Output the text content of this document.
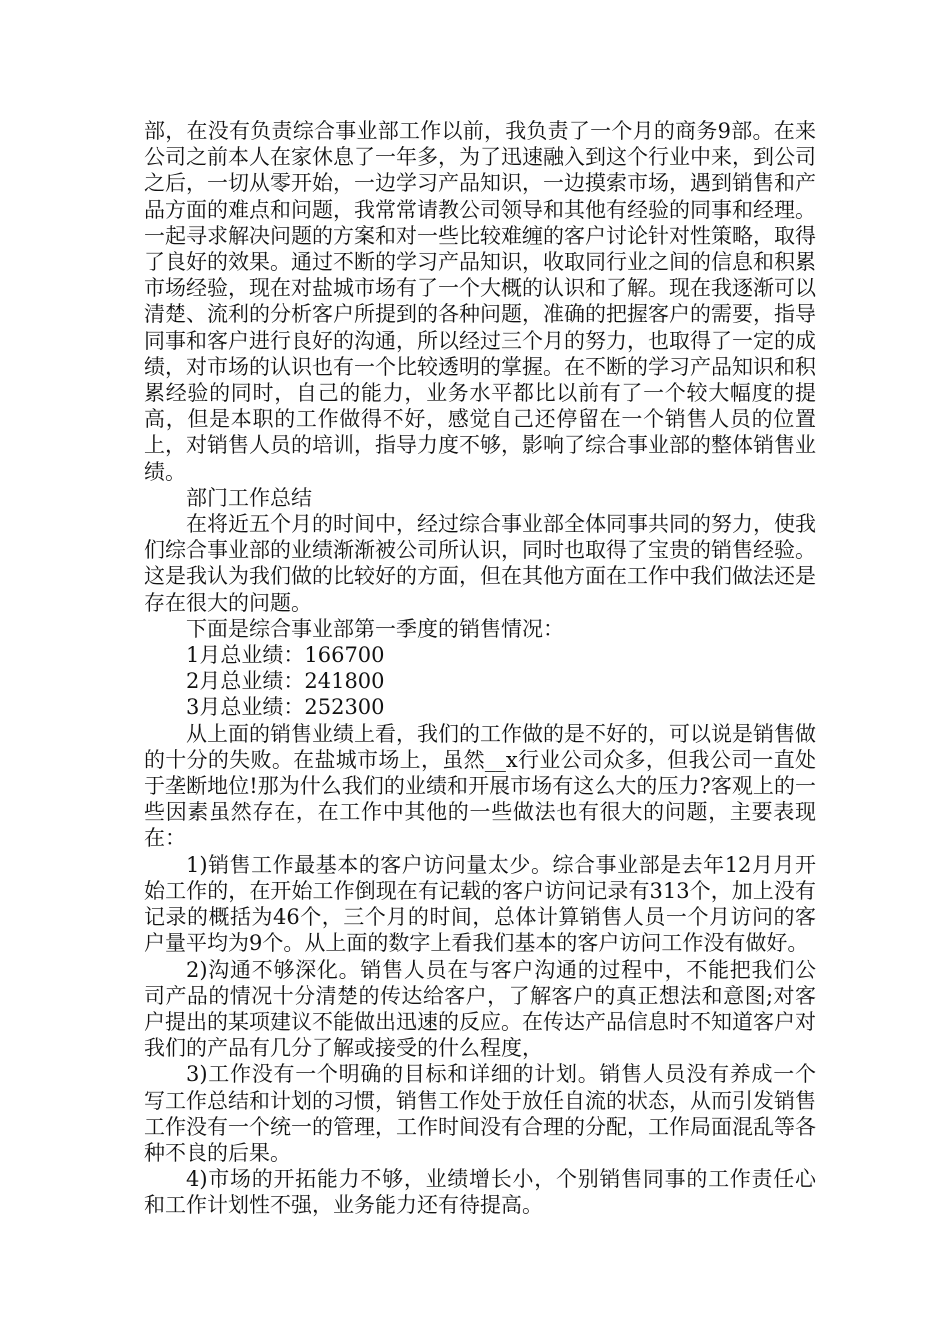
部，在没有负责综合事业部工作以前，我负责了一个月的商务9部。在来公司之前本人在家休息了一年多，为了迅速融入到这个行业中来，到公司之后，一切从零开始，一边学习产品知识，一边摸索市场，遇到销售和产品方面的难点和问题，我常常请教公司领导和其他有经验的同事和经理。一起寻求解决问题的方案和对一些比较难缠的客户讨论针对性策略，取得了良好的效果。通过不断的学习产品知识，收取同行业之间的信息和积累市场经验，现在对盐城市场有了一个大概的认识和了解。现在我逐渐可以清楚、流利的分析客户所提到的各种问题，准确的把握客户的需要，指导同事和客户进行良好的沟通，所以经过三个月的努力，也取得了一定的成绩，对市场的认识也有一个比较透明的掌握。在不断的学习产品知识和积累经验的同时，自己的能力，业务水平都比以前有了一个较大幅度的提高，但是本职的工作做得不好，感觉自己还停留在一个销售人员的位置上，对销售人员的培训，指导力度不够，影响了综合事业部的整体销售业绩。

部门工作总结

在将近五个月的时间中，经过综合事业部全体同事共同的努力，使我们综合事业部的业绩渐渐被公司所认识，同时也取得了宝贵的销售经验。这是我认为我们做的比较好的方面，但在其他方面在工作中我们做法还是存在很大的问题。

下面是综合事业部第一季度的销售情况：

1月总业绩：166700

2月总业绩：241800

3月总业绩：252300

从上面的销售业绩上看，我们的工作做的是不好的，可以说是销售做的十分的失败。在盐城市场上，虽然__x行业公司众多，但我公司一直处于垄断地位!那为什么我们的业绩和开展市场有这么大的压力?客观上的一些因素虽然存在，在工作中其他的一些做法也有很大的问题，主要表现在：

1)销售工作最基本的客户访问量太少。综合事业部是去年12月月开始工作的，在开始工作倒现在有记载的客户访问记录有313个，加上没有记录的概括为46个，三个月的时间，总体计算销售人员一个月访问的客户量平均为9个。从上面的数字上看我们基本的客户访问工作没有做好。

2)沟通不够深化。销售人员在与客户沟通的过程中，不能把我们公司产品的情况十分清楚的传达给客户，了解客户的真正想法和意图;对客户提出的某项建议不能做出迅速的反应。在传达产品信息时不知道客户对我们的产品有几分了解或接受的什么程度，

3)工作没有一个明确的目标和详细的计划。销售人员没有养成一个写工作总结和计划的习惯，销售工作处于放任自流的状态，从而引发销售工作没有一个统一的管理，工作时间没有合理的分配，工作局面混乱等各种不良的后果。

4)市场的开拓能力不够，业绩增长小，个别销售同事的工作责任心和工作计划性不强，业务能力还有待提高。
